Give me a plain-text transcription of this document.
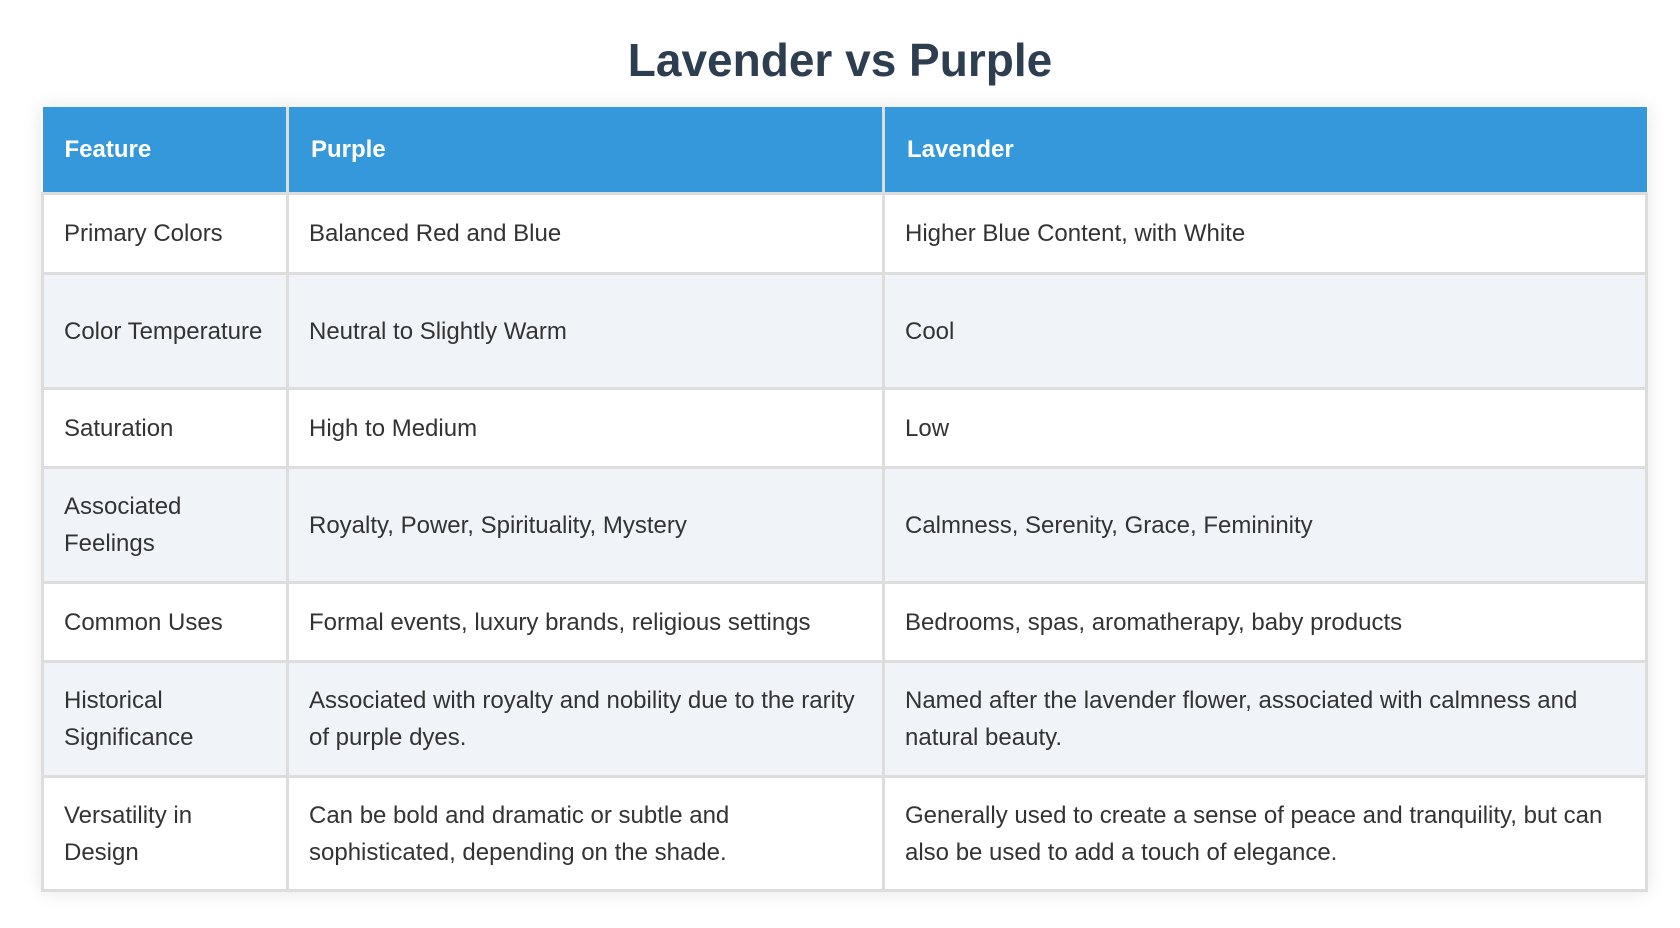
Lavender vs Purple
Feature	Purple	Lavender
Primary Colors	Balanced Red and Blue	Higher Blue Content, with White
Color Temperature	Neutral to Slightly Warm	Cool
Saturation	High to Medium	Low
Associated Feelings	Royalty, Power, Spirituality, Mystery	Calmness, Serenity, Grace, Femininity
Common Uses	Formal events, luxury brands, religious settings	Bedrooms, spas, aromatherapy, baby products
Historical Significance	Associated with royalty and nobility due to the rarity of purple dyes.	Named after the lavender flower, associated with calmness and natural beauty.
Versatility in Design	Can be bold and dramatic or subtle and sophisticated, depending on the shade.	Generally used to create a sense of peace and tranquility, but can also be used to add a touch of elegance.
